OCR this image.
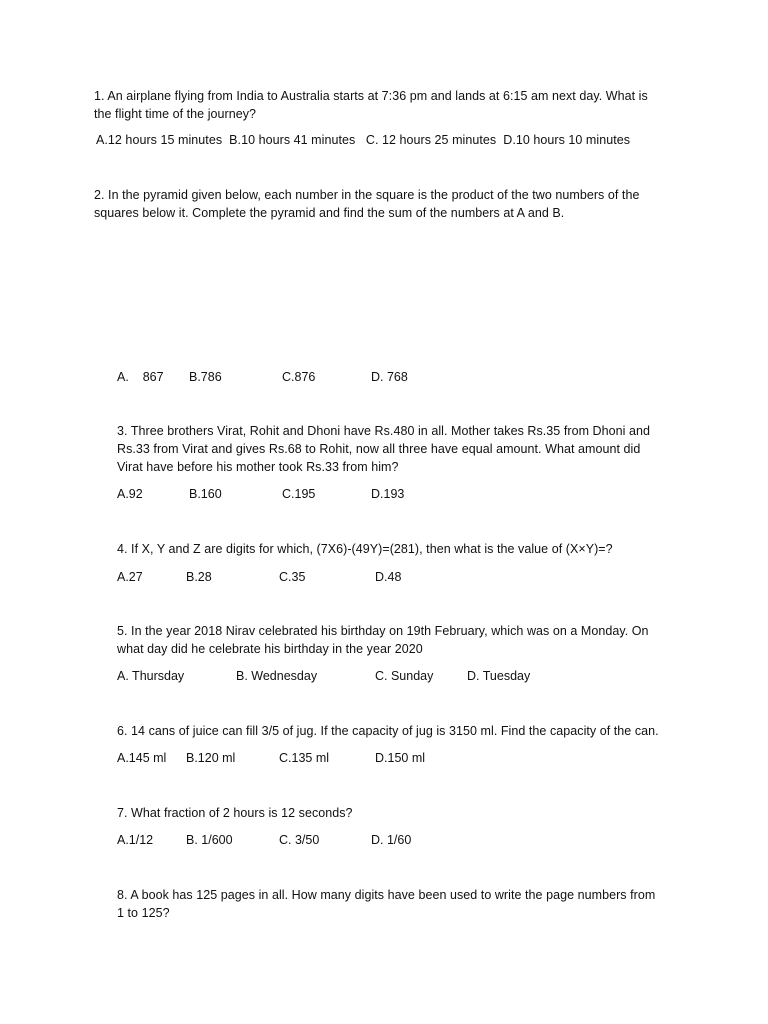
1. An airplane flying from India to Australia starts at 7:36 pm and lands at 6:15 am next day. What is
the flight time of the journey?
A.12 hours 15 minutes  B.10 hours 41 minutes   C. 12 hours 25 minutes  D.10 hours 10 minutes
2. In the pyramid given below, each number in the square is the product of the two numbers of the
squares below it. Complete the pyramid and find the sum of the numbers at A and B.
A.    867 B.786	C.876	D. 768
3. Three brothers Virat, Rohit and Dhoni have Rs.480 in all. Mother takes Rs.35 from Dhoni and
Rs.33 from Virat and gives Rs.68 to Rohit, now all three have equal amount. What amount did
Virat have before his mother took Rs.33 from him?
A.92	B.160	C.195	D.193
4. If X, Y and Z are digits for which, (7X6)-(49Y)=(281), then what is the value of (X×Y)=?
A.27	B.28	C.35	D.48
5. In the year 2018 Nirav celebrated his birthday on 19th February, which was on a Monday. On
what day did he celebrate his birthday in the year 2020
A. Thursday	B. Wednesday	C. Sunday	D. Tuesday
6. 14 cans of juice can fill 3/5 of jug. If the capacity of jug is 3150 ml. Find the capacity of the can.
A.145 ml B.120 ml	C.135 ml	D.150 ml
7. What fraction of 2 hours is 12 seconds?
A.1/12	B. 1/600	C. 3/50	D. 1/60
8. A book has 125 pages in all. How many digits have been used to write the page numbers from
1 to 125?
